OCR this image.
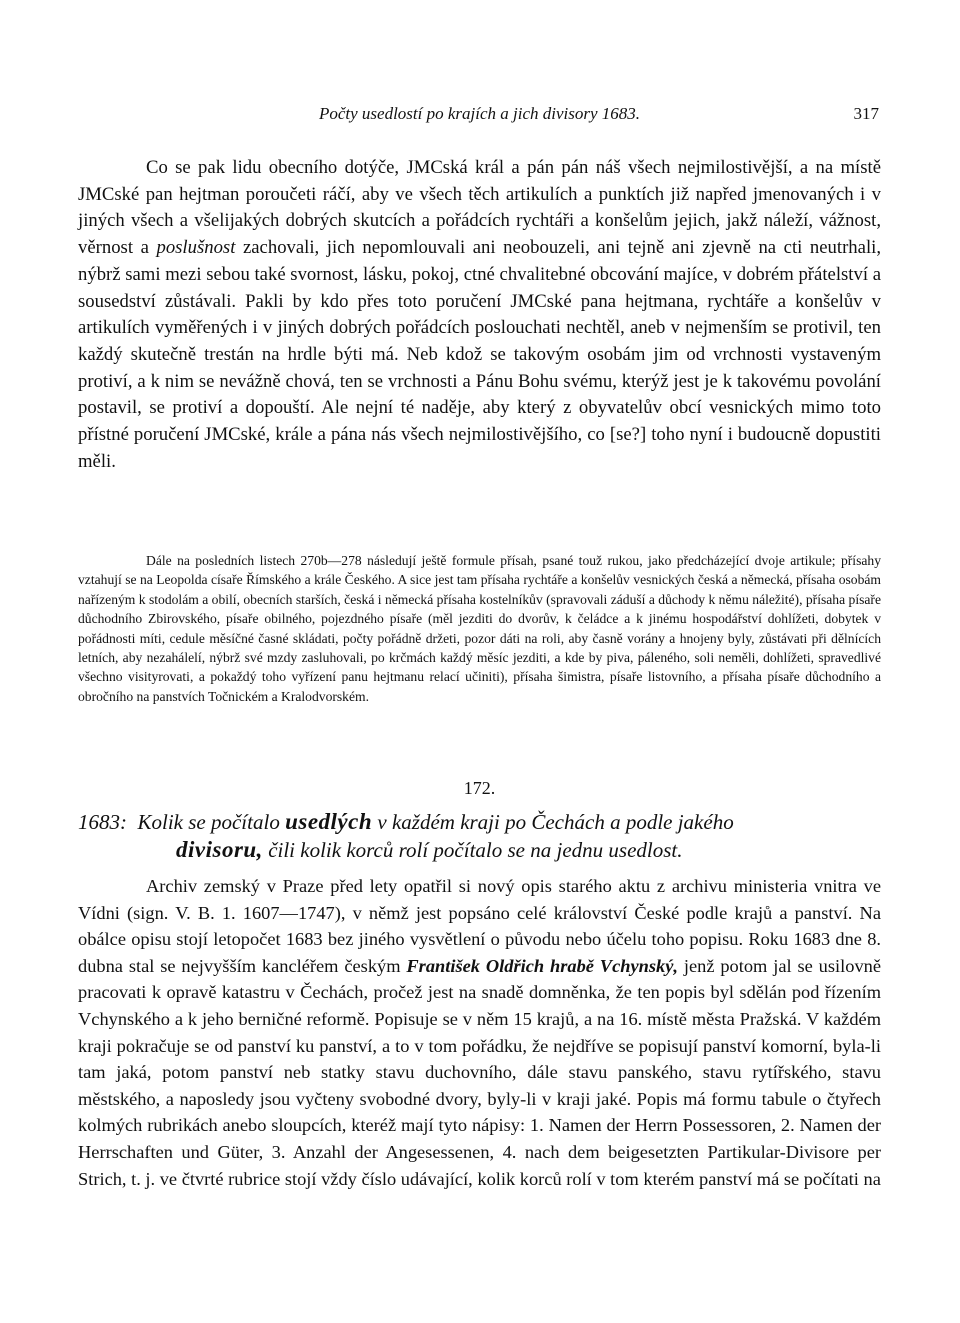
Počty usedlostí po krajích a jich divisory 1683.	317

Co se pak lidu obecního dotýče, JMCská král a pán pán náš všech nejmilostivější, a na místě JMCské pan hejtman poroučeti ráčí, aby ve všech těch artikulích a punktích již napřed jmenovaných i v jiných všech a všelijakých dobrých skutcích a pořádcích rychtáři a konšelům jejich, jakž náleží, vážnost, věrnost a poslušnost zachovali, jich nepomlouvali ani neobouzeli, ani tejně ani zjevně na cti neutrhali, nýbrž sami mezi sebou také svornost, lásku, pokoj, ctné chvalitebné obcování majíce, v dobrém přátelství a sousedství zůstávali. Pakli by kdo přes toto poručení JMCské pana hejtmana, rychtáře a konšelův v artikulích vyměřených i v jiných dobrých pořádcích poslouchati nechtěl, aneb v nejmenším se protivil, ten každý skutečně trestán na hrdle býti má. Neb kdož se takovým osobám jim od vrchnosti vystaveným protiví, a k nim se nevážně chová, ten se vrchnosti a Pánu Bohu svému, kterýž jest je k takovému povolání postavil, se protiví a dopouští. Ale nejní té naděje, aby který z obyvatelův obcí vesnických mimo toto přístné poručení JMCské, krále a pána nás všech nejmilostivějšího, co [se?] toho nyní i budoucně dopustiti měli.

Dále na posledních listech 270b—278 následují ještě formule přísah, psané touž rukou, jako předcházející dvoje artikule; přísahy vztahují se na Leopolda císaře Římského a krále Českého. A sice jest tam přísaha rychtáře a konšelův vesnických česká a německá, přísaha osobám nařízeným k stodolám a obilí, obecních starších, česká i německá přísaha kostelníkův (spravovali záduší a důchody k němu náležité), přísaha písaře důchodního Zbirovského, písaře obilného, pojezdného písaře (měl jezditi do dvorův, k čeládce a k jinému hospodářství dohlížeti, dobytek v pořádnosti míti, cedule měsíčné časné skládati, počty pořádně držeti, pozor dáti na roli, aby časně vorány a hnojeny byly, zůstávati při dělnících letních, aby nezahálelí, nýbrž své mzdy zasluhovali, po krčmách každý měsíc jezditi, a kde by piva, páleného, soli neměli, dohlížeti, spravedlivé všechno visityrovati, a pokaždý toho vyřízení panu hejtmanu relací učiniti), přísaha šimistra, písaře listovního, a přísaha písaře důchodního a obročního na panstvích Točnickém a Kralodvorském.

172.

1683: Kolik se počítalo usedlých v každém kraji po Čechách a podle jakého
divisoru, čili kolik korců rolí počítalo se na jednu usedlost.

Archiv zemský v Praze před lety opatřil si nový opis starého aktu z archivu ministeria vnitra ve Vídni (sign. V. B. 1. 1607—1747), v němž jest popsáno celé království České podle krajů a panství. Na obálce opisu stojí letopočet 1683 bez jiného vysvětlení o původu nebo účelu toho popisu. Roku 1683 dne 8. dubna stal se nejvyšším kancléřem českým František Oldřich hrabě Vchynský, jenž potom jal se usilovně pracovati k opravě katastru v Čechách, pročež jest na snadě domněnka, že ten popis byl sdělán pod řízením Vchynského a k jeho berničné reformě. Popisuje se v něm 15 krajů, a na 16. místě města Pražská. V každém kraji pokračuje se od panství ku panství, a to v tom pořádku, že nejdříve se popisují panství komorní, byla-li tam jaká, potom panství neb statky stavu duchovního, dále stavu panského, stavu rytířského, stavu městského, a naposledy jsou vyčteny svobodné dvory, byly-li v kraji jaké. Popis má formu tabule o čtyřech kolmých rubrikách anebo sloupcích, kteréž mají tyto nápisy: 1. Namen der Herrn Possessoren, 2. Namen der Herrschaften und Güter, 3. Anzahl der Angesessenen, 4. nach dem beigesetzten Partikular-Divisore per Strich, t. j. ve čtvrté rubrice stojí vždy číslo udávající, kolik korců rolí v tom kterém panství má se počítati na
